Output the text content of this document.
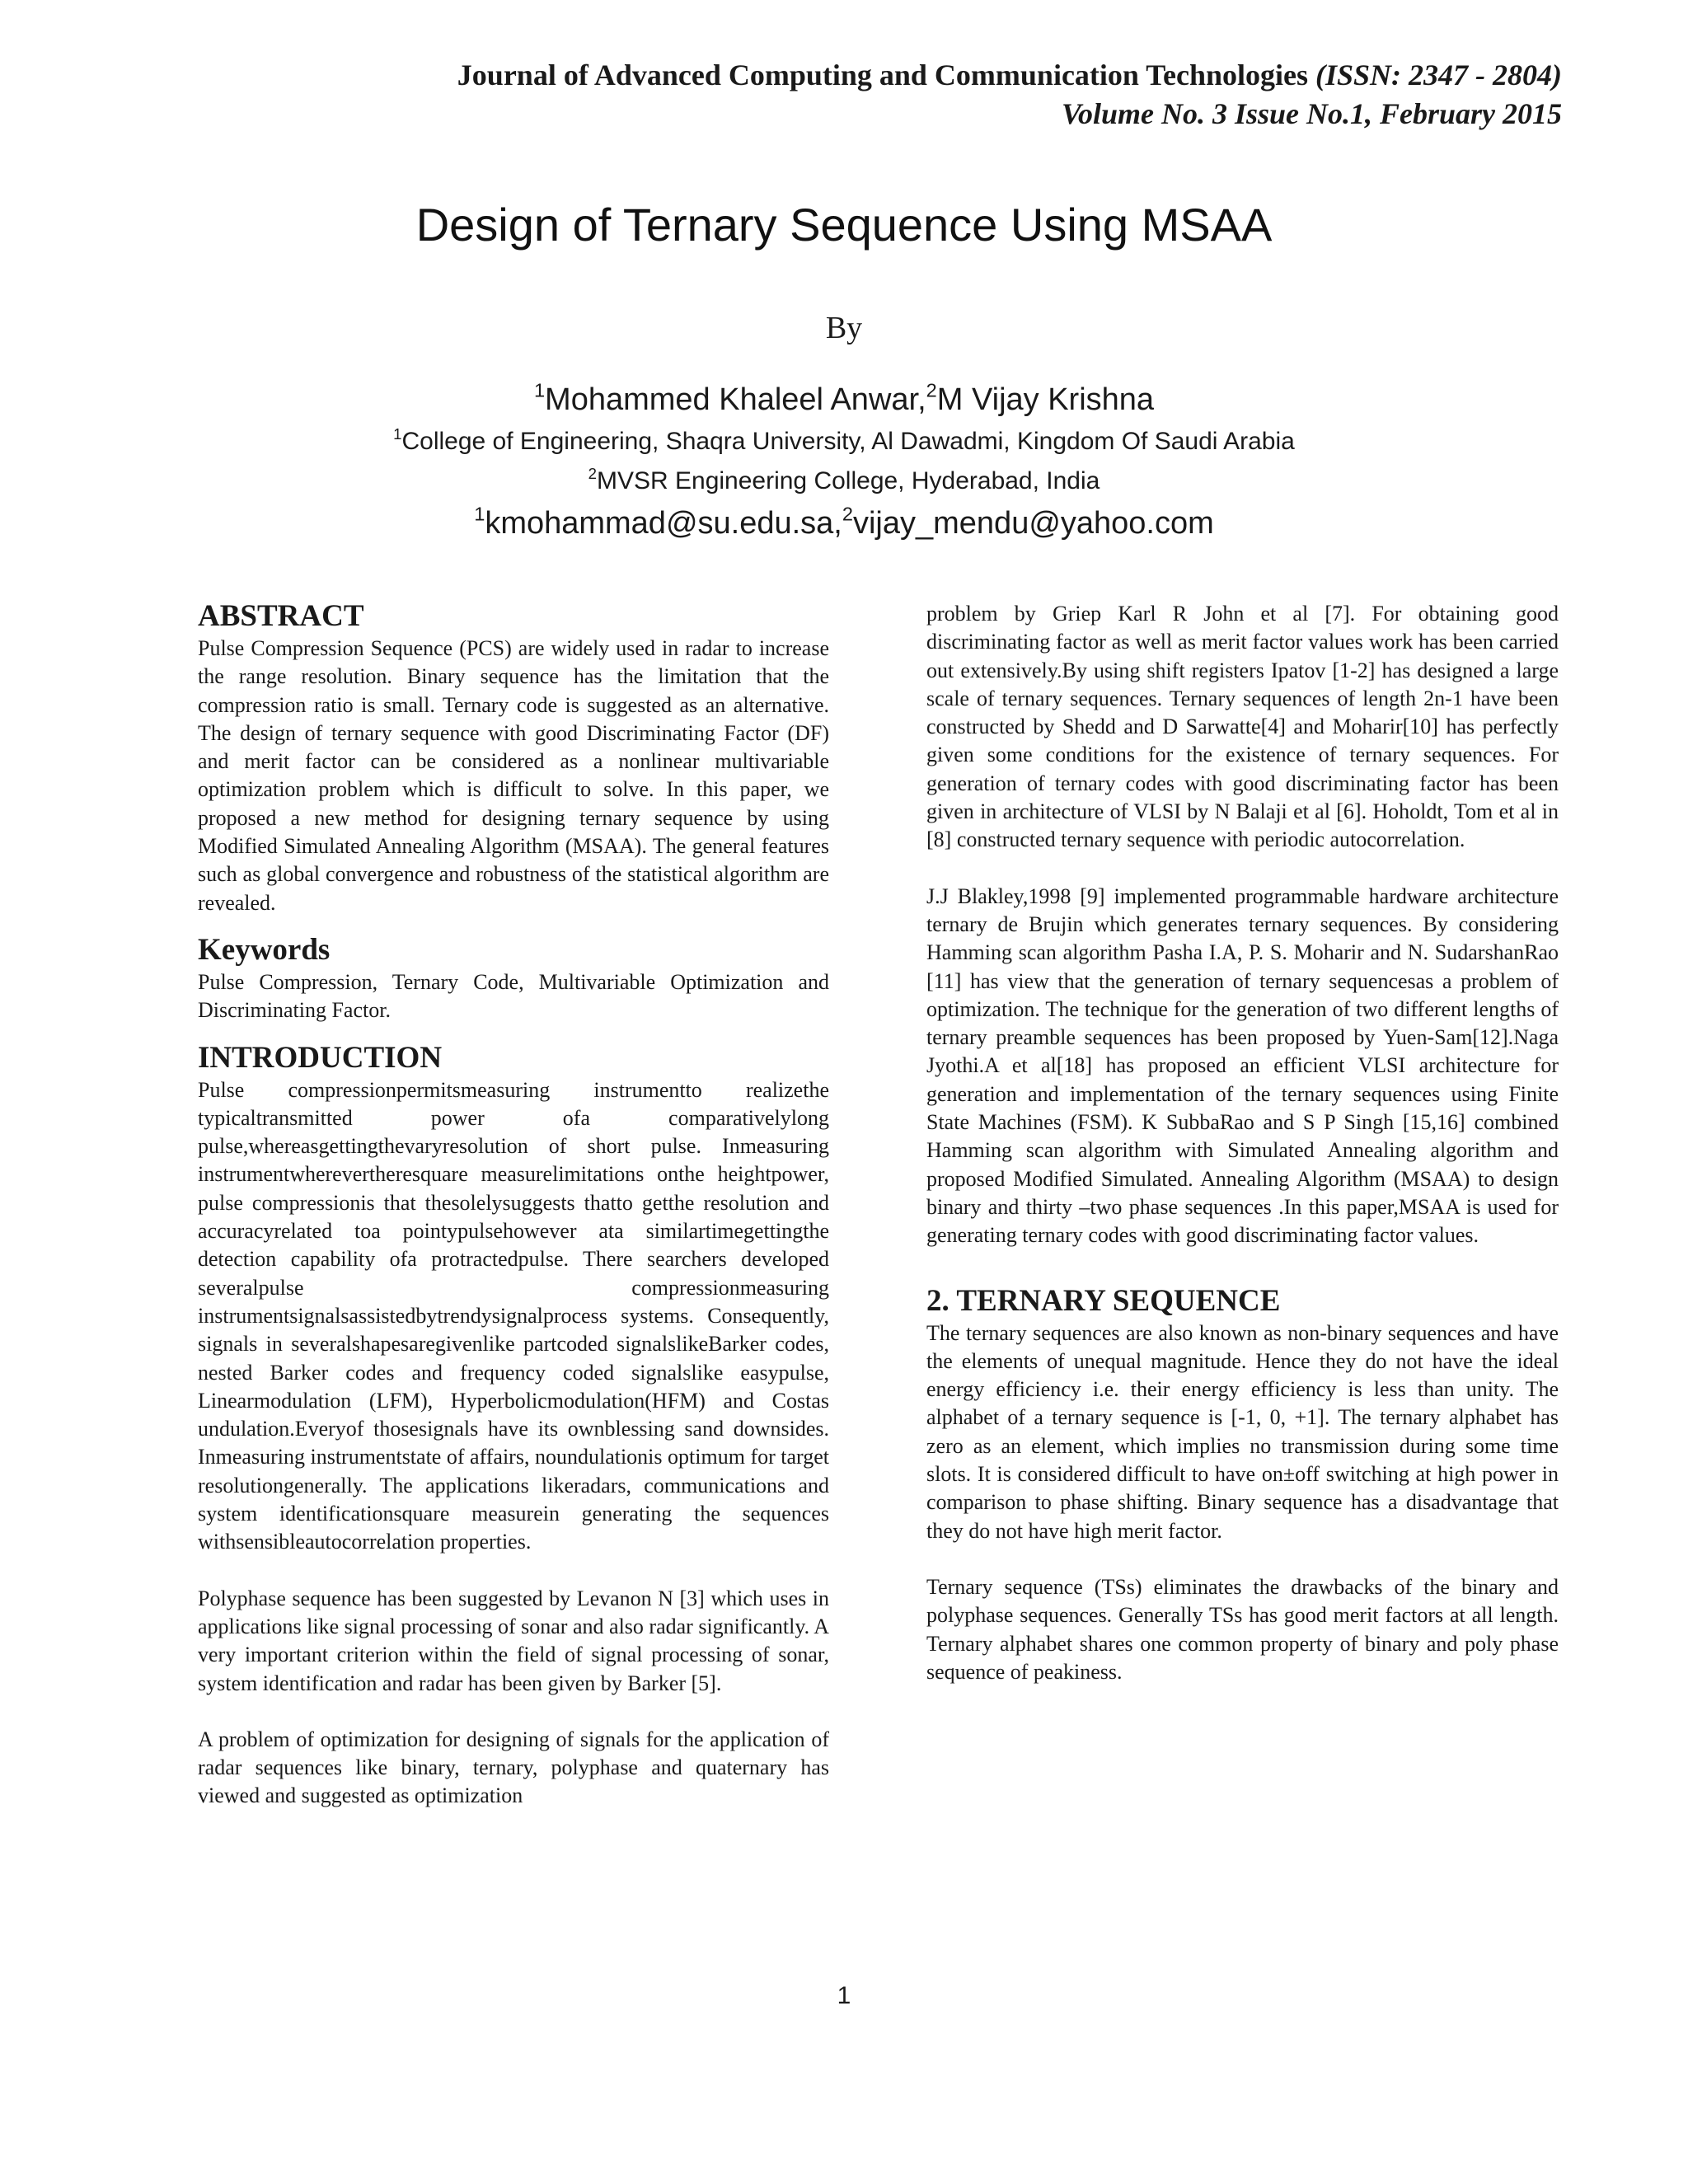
Journal of Advanced Computing and Communication Technologies (ISSN: 2347 - 2804)
Volume No. 3 Issue No.1, February 2015
Design of Ternary Sequence Using MSAA
By
$^1$Mohammed Khaleel Anwar,$^2$M Vijay Krishna
$^1$College of Engineering, Shaqra University, Al Dawadmi, Kingdom Of Saudi Arabia
$^2$MVSR Engineering College, Hyderabad, India
$^1$kmohammad@su.edu.sa,$^2$vijay_mendu@yahoo.com
ABSTRACT

Pulse Compression Sequence (PCS) are widely used in radar to increase the range resolution. Binary sequence has the limitation that the compression ratio is small. Ternary code is suggested as an alternative. The design of ternary sequence with good Discriminating Factor (DF) and merit factor can be considered as a nonlinear multivariable optimization problem which is difficult to solve. In this paper, we proposed a new method for designing ternary sequence by using Modified Simulated Annealing Algorithm (MSAA). The general features such as global convergence and robustness of the statistical algorithm are revealed.

Keywords

Pulse Compression, Ternary Code, Multivariable Optimization and Discriminating Factor.

INTRODUCTION

Pulse compressionpermitsmeasuring instrumentto realizethe typicaltransmitted power ofa comparativelylong pulse,whereasgettingthevaryresolution of short pulse. Inmeasuring instrumentwherevertheresquare measurelimitations onthe heightpower, pulse compressionis that thesolelysuggests thatto getthe resolution and accuracyrelated toa pointypulsehowever ata similartimegettingthe detection capability ofa protractedpulse. There searchers developed severalpulse compressionmeasuring instrumentsignalsassistedbytrendysignalprocess systems. Consequently, signals in severalshapesaregivenlike partcoded signalslikeBarker codes, nested Barker codes and frequency coded signalslike easypulse, Linearmodulation (LFM), Hyperbolicmodulation(HFM) and Costas undulation.Everyof thosesignals have its ownblessing sand downsides. Inmeasuring instrumentstate of affairs, noundulationis optimum for target resolutiongenerally. The applications likeradars, communications and system identificationsquare measurein generating the sequences withsensibleautocorrelation properties.

Polyphase sequence has been suggested by Levanon N [3] which uses in applications like signal processing of sonar and also radar significantly. A very important criterion within the field of signal processing of sonar, system identification and radar has been given by Barker [5].

A problem of optimization for designing of signals for the application of radar sequences like binary, ternary, polyphase and quaternary has viewed and suggested as optimization

problem by Griep Karl R John et al [7]. For obtaining good discriminating factor as well as merit factor values work has been carried out extensively.By using shift registers Ipatov [1-2] has designed a large scale of ternary sequences. Ternary sequences of length 2n-1 have been constructed by Shedd and D Sarwatte[4] and Moharir[10] has perfectly given some conditions for the existence of ternary sequences. For generation of ternary codes with good discriminating factor has been given in architecture of VLSI by N Balaji et al [6]. Hoholdt, Tom et al in [8] constructed ternary sequence with periodic autocorrelation.

J.J Blakley,1998 [9] implemented programmable hardware architecture ternary de Brujin which generates ternary sequences. By considering Hamming scan algorithm Pasha I.A, P. S. Moharir and N. SudarshanRao [11] has view that the generation of ternary sequencesas a problem of optimization. The technique for the generation of two different lengths of ternary preamble sequences has been proposed by Yuen-Sam[12].Naga Jyothi.A et al[18] has proposed an efficient VLSI architecture for generation and implementation of the ternary sequences using Finite State Machines (FSM). K SubbaRao and S P Singh [15,16] combined Hamming scan algorithm with Simulated Annealing algorithm and proposed Modified Simulated. Annealing Algorithm (MSAA) to design binary and thirty –two phase sequences .In this paper,MSAA is used for generating ternary codes with good discriminating factor values.

2. TERNARY SEQUENCE

The ternary sequences are also known as non-binary sequences and have the elements of unequal magnitude. Hence they do not have the ideal energy efficiency i.e. their energy efficiency is less than unity. The alphabet of a ternary sequence is [-1, 0, +1]. The ternary alphabet has zero as an element, which implies no transmission during some time slots. It is considered difficult to have on±off switching at high power in comparison to phase shifting. Binary sequence has a disadvantage that they do not have high merit factor.

Ternary sequence (TSs) eliminates the drawbacks of the binary and polyphase sequences. Generally TSs has good merit factors at all length. Ternary alphabet shares one common property of binary and poly phase sequence of peakiness.

1
